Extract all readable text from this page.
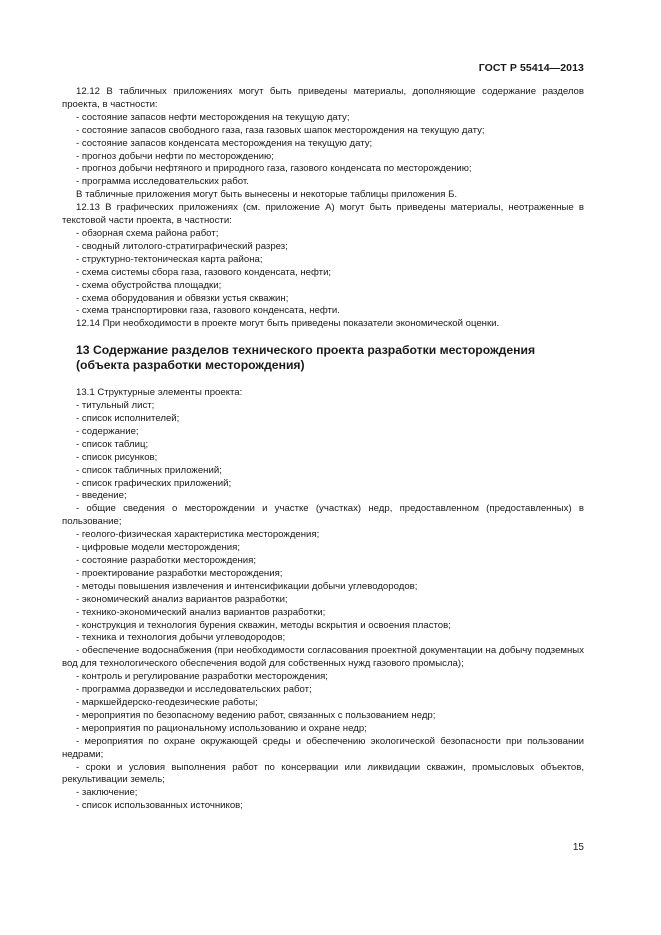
ГОСТ Р 55414—2013

12.12 В табличных приложениях могут быть приведены материалы, дополняющие содержание разделов проекта, в частности:

- состояние запасов нефти месторождения на текущую дату;
- состояние запасов свободного газа, газа газовых шапок месторождения на текущую дату;
- состояние запасов конденсата месторождения на текущую дату;
- прогноз добычи нефти по месторождению;
- прогноз добычи нефтяного и природного газа, газового конденсата по месторождению;
- программа исследовательских работ.

В табличные приложения могут быть вынесены и некоторые таблицы приложения Б.

12.13 В графических приложениях (см. приложение А) могут быть приведены материалы, неотраженные в текстовой части проекта, в частности:

- обзорная схема района работ;
- сводный литолого-стратиграфический разрез;
- структурно-тектоническая карта района;
- схема системы сбора газа, газового конденсата, нефти;
- схема обустройства площадки;
- схема оборудования и обвязки устья скважин;
- схема транспортировки газа, газового конденсата, нефти.

12.14 При необходимости в проекте могут быть приведены показатели экономической оценки.

13 Содержание разделов технического проекта разработки месторождения (объекта разработки месторождения)

13.1 Структурные элементы проекта:

- титульный лист;
- список исполнителей;
- содержание;
- список таблиц;
- список рисунков;
- список табличных приложений;
- список графических приложений;
- введение;

- общие сведения о месторождении и участке (участках) недр, предоставленном (предоставленных) в пользование;

- геолого-физическая характеристика месторождения;
- цифровые модели месторождения;
- состояние разработки месторождения;
- проектирование разработки месторождения;
- методы повышения извлечения и интенсификации добычи углеводородов;
- экономический анализ вариантов разработки;
- технико-экономический анализ вариантов разработки;
- конструкция и технология бурения скважин, методы вскрытия и освоения пластов;
- техника и технология добычи углеводородов;

- обеспечение водоснабжения (при необходимости согласования проектной документации на добычу подземных вод для технологического обеспечения водой для собственных нужд газового промысла);

- контроль и регулирование разработки месторождения;
- программа доразведки и исследовательских работ;
- маркшейдерско-геодезические работы;
- мероприятия по безопасному ведению работ, связанных с пользованием недр;
- мероприятия по рациональному использованию и охране недр;

- мероприятия по охране окружающей среды и обеспечению экологической безопасности при пользовании недрами;

- сроки и условия выполнения работ по консервации или ликвидации скважин, промысловых объектов, рекультивации земель;

- заключение;
- список использованных источников;
15
